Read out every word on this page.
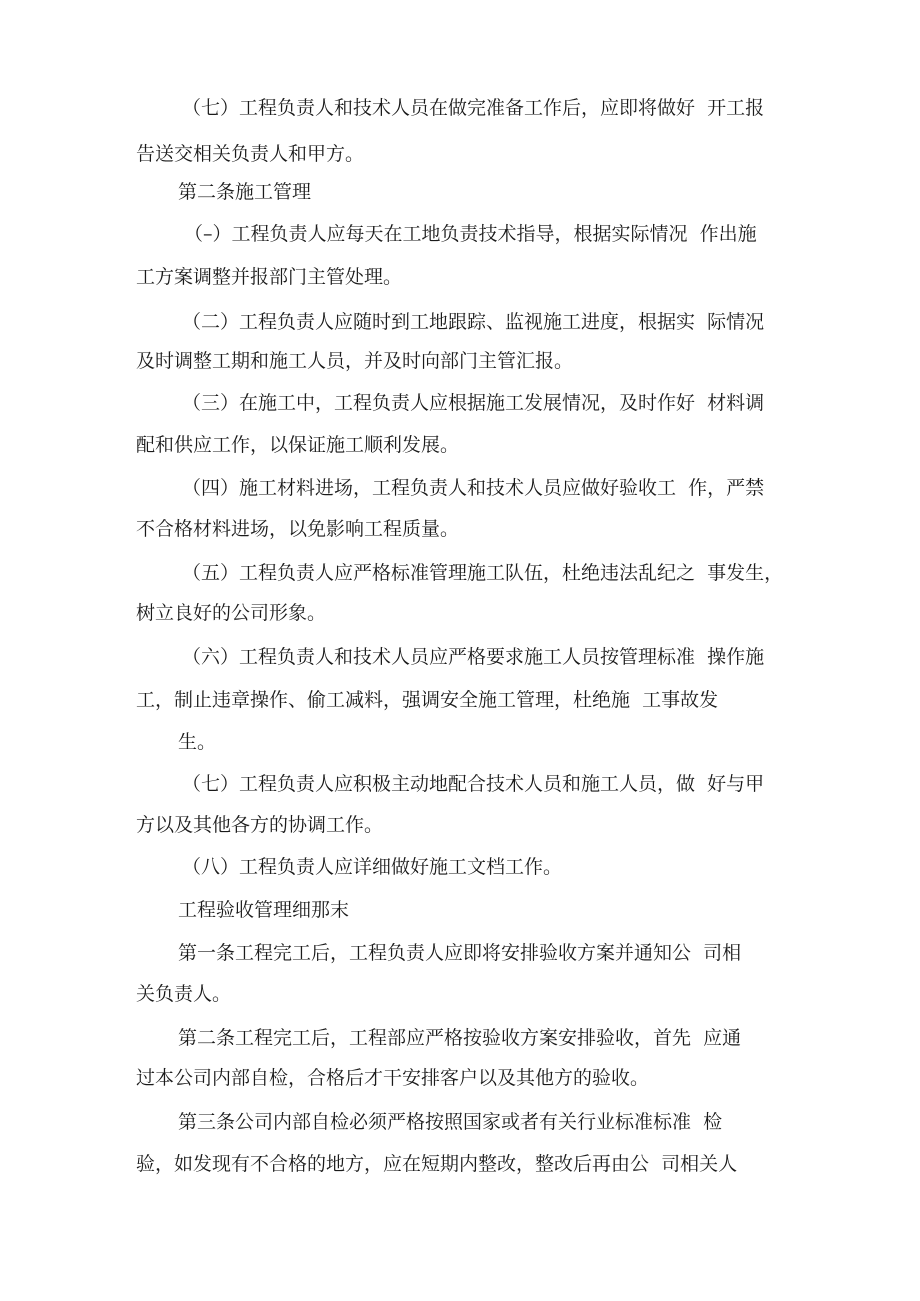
（七）工程负责人和技术人员在做完准备工作后，应即将做好  开工报
告送交相关负责人和甲方。
第二条施工管理
（–）工程负责人应每天在工地负责技术指导，根据实际情况  作出施
工方案调整并报部门主管处理。
（二）工程负责人应随时到工地跟踪、监视施工进度，根据实  际情况
及时调整工期和施工人员，并及时向部门主管汇报。
（三）在施工中，工程负责人应根据施工发展情况，及时作好  材料调
配和供应工作，以保证施工顺利发展。
（四）施工材料进场，工程负责人和技术人员应做好验收工  作，严禁
不合格材料进场，以免影响工程质量。
（五）工程负责人应严格标准管理施工队伍，杜绝违法乱纪之  事发生，
树立良好的公司形象。
（六）工程负责人和技术人员应严格要求施工人员按管理标准  操作施
工，制止违章操作、偷工减料，强调安全施工管理，杜绝施  工事故发
生。
（七）工程负责人应积极主动地配合技术人员和施工人员，做  好与甲
方以及其他各方的协调工作。
（八）工程负责人应详细做好施工文档工作。
工程验收管理细那末
第一条工程完工后，工程负责人应即将安排验收方案并通知公  司相
关负责人。
第二条工程完工后，工程部应严格按验收方案安排验收，首先  应通
过本公司内部自检，合格后才干安排客户以及其他方的验收。
第三条公司内部自检必须严格按照国家或者有关行业标准标准  检
验，如发现有不合格的地方，应在短期内整改，整改后再由公  司相关人
